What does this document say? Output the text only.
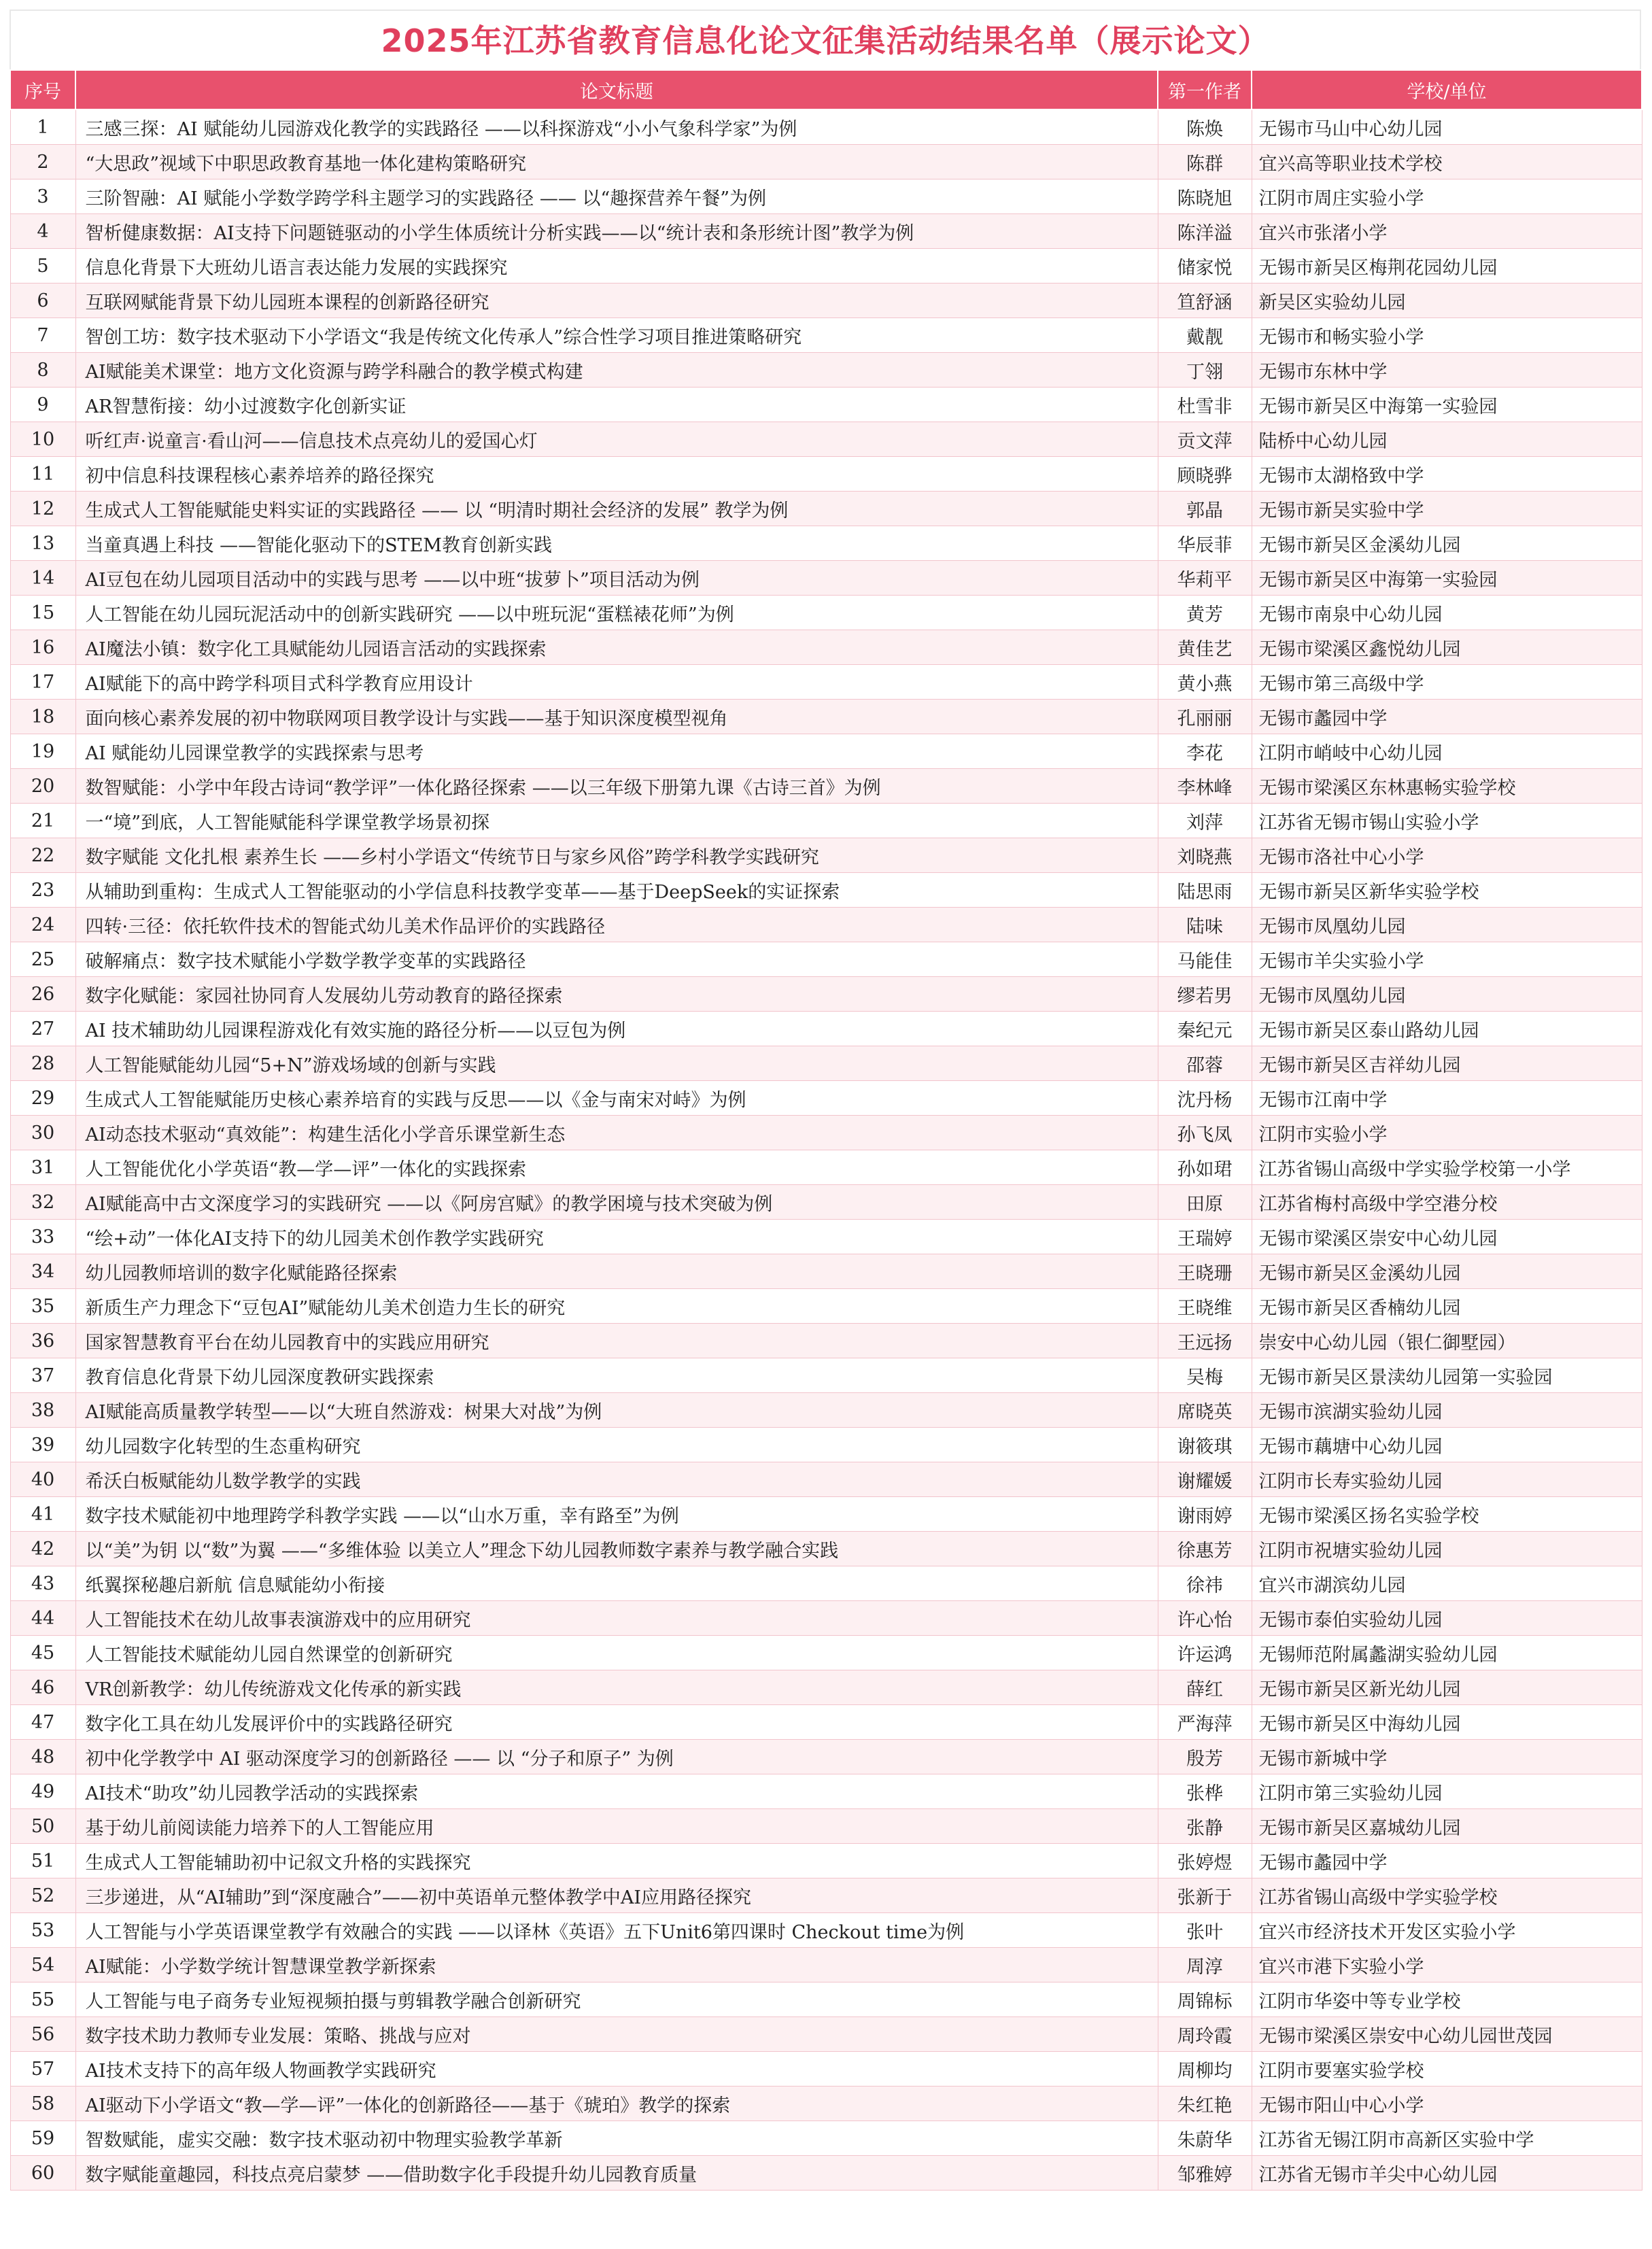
2025年江苏省教育信息化论文征集活动结果名单（展示论文）
序号	论文标题	第一作者	学校/单位
1	三感三探：AI 赋能幼儿园游戏化教学的实践路径 ——以科探游戏“小小气象科学家”为例	陈焕	无锡市马山中心幼儿园
2	“大思政”视域下中职思政教育基地一体化建构策略研究	陈群	宜兴高等职业技术学校
3	三阶智融：AI 赋能小学数学跨学科主题学习的实践路径 —— 以“趣探营养午餐”为例	陈晓旭	江阴市周庄实验小学
4	智析健康数据：AI支持下问题链驱动的小学生体质统计分析实践——以“统计表和条形统计图”教学为例	陈洋溢	宜兴市张渚小学
5	信息化背景下大班幼儿语言表达能力发展的实践探究	储家悦	无锡市新吴区梅荆花园幼儿园
6	互联网赋能背景下幼儿园班本课程的创新路径研究	笪舒涵	新吴区实验幼儿园
7	智创工坊：数字技术驱动下小学语文“我是传统文化传承人”综合性学习项目推进策略研究	戴靓	无锡市和畅实验小学
8	AI赋能美术课堂：地方文化资源与跨学科融合的教学模式构建	丁翎	无锡市东林中学
9	AR智慧衔接：幼小过渡数字化创新实证	杜雪非	无锡市新吴区中海第一实验园
10	听红声·说童言·看山河——信息技术点亮幼儿的爱国心灯	贡文萍	陆桥中心幼儿园
11	初中信息科技课程核心素养培养的路径探究	顾晓骅	无锡市太湖格致中学
12	生成式人工智能赋能史料实证的实践路径 —— 以 “明清时期社会经济的发展” 教学为例	郭晶	无锡市新吴实验中学
13	当童真遇上科技 ——智能化驱动下的STEM教育创新实践	华辰菲	无锡市新吴区金溪幼儿园
14	AI豆包在幼儿园项目活动中的实践与思考 ——以中班“拔萝卜”项目活动为例	华莉平	无锡市新吴区中海第一实验园
15	人工智能在幼儿园玩泥活动中的创新实践研究 ——以中班玩泥“蛋糕裱花师”为例	黄芳	无锡市南泉中心幼儿园
16	AI魔法小镇：数字化工具赋能幼儿园语言活动的实践探索	黄佳艺	无锡市梁溪区鑫悦幼儿园
17	AI赋能下的高中跨学科项目式科学教育应用设计	黄小燕	无锡市第三高级中学
18	面向核心素养发展的初中物联网项目教学设计与实践——基于知识深度模型视角	孔丽丽	无锡市蠡园中学
19	AI 赋能幼儿园课堂教学的实践探索与思考	李花	江阴市峭岐中心幼儿园
20	数智赋能：小学中年段古诗词“教学评”一体化路径探索 ——以三年级下册第九课《古诗三首》为例	李林峰	无锡市梁溪区东林惠畅实验学校
21	一“境”到底，人工智能赋能科学课堂教学场景初探	刘萍	江苏省无锡市锡山实验小学
22	数字赋能 文化扎根 素养生长 ——乡村小学语文“传统节日与家乡风俗”跨学科教学实践研究	刘晓燕	无锡市洛社中心小学
23	从辅助到重构：生成式人工智能驱动的小学信息科技教学变革——基于DeepSeek的实证探索	陆思雨	无锡市新吴区新华实验学校
24	四转·三径：依托软件技术的智能式幼儿美术作品评价的实践路径	陆味	无锡市凤凰幼儿园
25	破解痛点：数字技术赋能小学数学教学变革的实践路径	马能佳	无锡市羊尖实验小学
26	数字化赋能：家园社协同育人发展幼儿劳动教育的路径探索	缪若男	无锡市凤凰幼儿园
27	AI 技术辅助幼儿园课程游戏化有效实施的路径分析——以豆包为例	秦纪元	无锡市新吴区泰山路幼儿园
28	人工智能赋能幼儿园“5+N”游戏场域的创新与实践	邵蓉	无锡市新吴区吉祥幼儿园
29	生成式人工智能赋能历史核心素养培育的实践与反思——以《金与南宋对峙》为例	沈丹杨	无锡市江南中学
30	AI动态技术驱动“真效能”：构建生活化小学音乐课堂新生态	孙飞凤	江阴市实验小学
31	人工智能优化小学英语“教—学—评”一体化的实践探索	孙如珺	江苏省锡山高级中学实验学校第一小学
32	AI赋能高中古文深度学习的实践研究 ——以《阿房宫赋》的教学困境与技术突破为例	田原	江苏省梅村高级中学空港分校
33	“绘+动”一体化AI支持下的幼儿园美术创作教学实践研究	王瑞婷	无锡市梁溪区崇安中心幼儿园
34	幼儿园教师培训的数字化赋能路径探索	王晓珊	无锡市新吴区金溪幼儿园
35	新质生产力理念下“豆包AI”赋能幼儿美术创造力生长的研究	王晓维	无锡市新吴区香楠幼儿园
36	国家智慧教育平台在幼儿园教育中的实践应用研究	王远扬	崇安中心幼儿园（银仁御墅园）
37	教育信息化背景下幼儿园深度教研实践探索	吴梅	无锡市新吴区景渎幼儿园第一实验园
38	AI赋能高质量教学转型——以“大班自然游戏：树果大对战”为例	席晓英	无锡市滨湖实验幼儿园
39	幼儿园数字化转型的生态重构研究	谢筱琪	无锡市藕塘中心幼儿园
40	希沃白板赋能幼儿数学教学的实践	谢耀媛	江阴市长寿实验幼儿园
41	数字技术赋能初中地理跨学科教学实践 ——以“山水万重，幸有路至”为例	谢雨婷	无锡市梁溪区扬名实验学校
42	以“美”为钥 以“数”为翼 ——“多维体验 以美立人”理念下幼儿园教师数字素养与教学融合实践	徐惠芳	江阴市祝塘实验幼儿园
43	纸翼探秘趣启新航 信息赋能幼小衔接	徐祎	宜兴市湖滨幼儿园
44	人工智能技术在幼儿故事表演游戏中的应用研究	许心怡	无锡市泰伯实验幼儿园
45	人工智能技术赋能幼儿园自然课堂的创新研究	许运鸿	无锡师范附属蠡湖实验幼儿园
46	VR创新教学：幼儿传统游戏文化传承的新实践	薛红	无锡市新吴区新光幼儿园
47	数字化工具在幼儿发展评价中的实践路径研究	严海萍	无锡市新吴区中海幼儿园
48	初中化学教学中 AI 驱动深度学习的创新路径 —— 以 “分子和原子” 为例	殷芳	无锡市新城中学
49	AI技术“助攻”幼儿园教学活动的实践探索	张桦	江阴市第三实验幼儿园
50	基于幼儿前阅读能力培养下的人工智能应用	张静	无锡市新吴区嘉城幼儿园
51	生成式人工智能辅助初中记叙文升格的实践探究	张婷煜	无锡市蠡园中学
52	三步递进，从“AI辅助”到“深度融合”——初中英语单元整体教学中AI应用路径探究	张新于	江苏省锡山高级中学实验学校
53	人工智能与小学英语课堂教学有效融合的实践 ——以译林《英语》五下Unit6第四课时 Checkout time为例	张叶	宜兴市经济技术开发区实验小学
54	AI赋能：小学数学统计智慧课堂教学新探索	周淳	宜兴市港下实验小学
55	人工智能与电子商务专业短视频拍摄与剪辑教学融合创新研究	周锦标	江阴市华姿中等专业学校
56	数字技术助力教师专业发展：策略、挑战与应对	周玲霞	无锡市梁溪区崇安中心幼儿园世茂园
57	AI技术支持下的高年级人物画教学实践研究	周柳均	江阴市要塞实验学校
58	AI驱动下小学语文“教—学—评”一体化的创新路径——基于《琥珀》教学的探索	朱红艳	无锡市阳山中心小学
59	智数赋能，虚实交融：数字技术驱动初中物理实验教学革新	朱蔚华	江苏省无锡江阴市高新区实验中学
60	数字赋能童趣园，科技点亮启蒙梦 ——借助数字化手段提升幼儿园教育质量	邹雅婷	江苏省无锡市羊尖中心幼儿园
